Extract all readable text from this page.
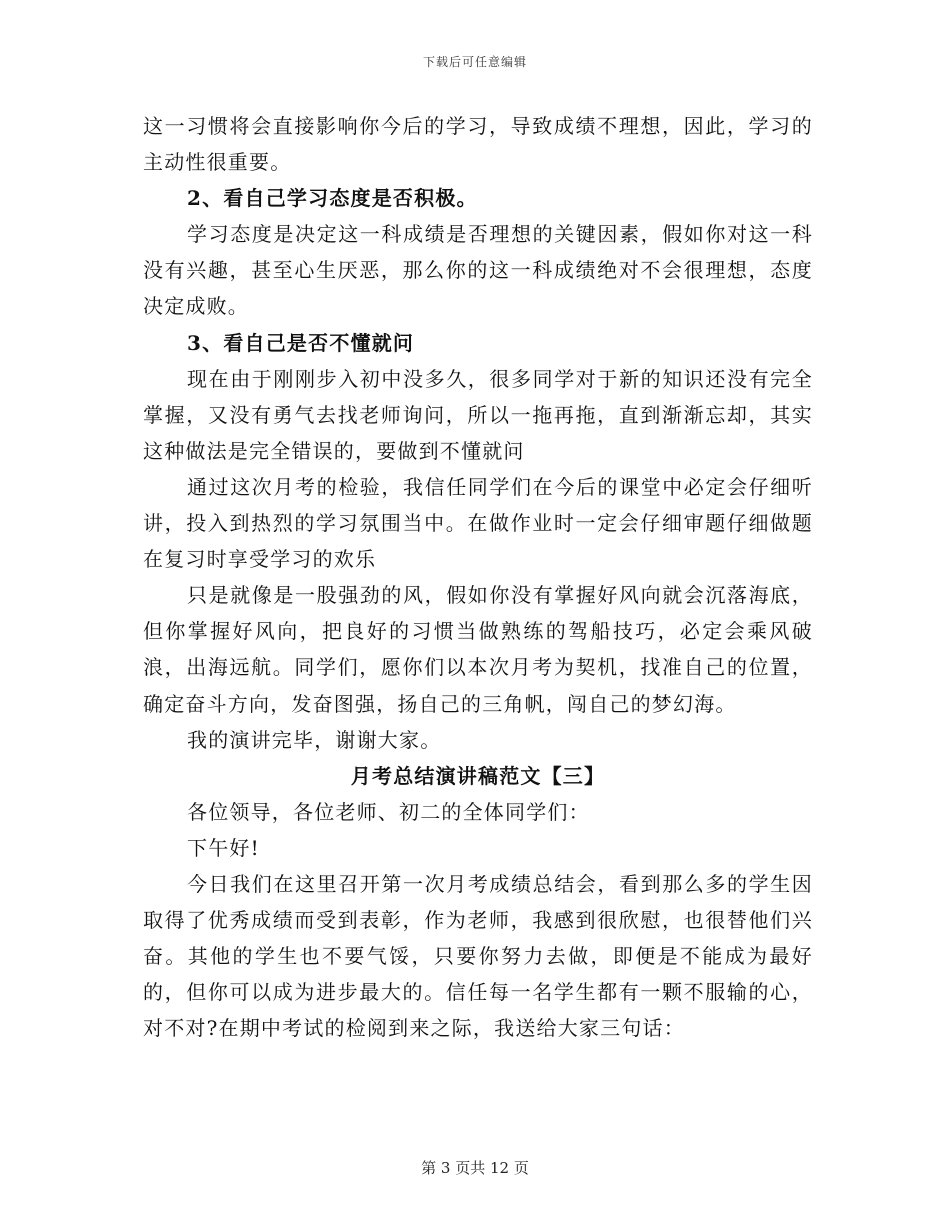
下载后可任意编辑

这一习惯将会直接影响你今后的学习，导致成绩不理想，因此，学习的主动性很重要。

2、看自己学习态度是否积极。

学习态度是决定这一科成绩是否理想的关键因素，假如你对这一科没有兴趣，甚至心生厌恶，那么你的这一科成绩绝对不会很理想，态度决定成败。

3、看自己是否不懂就问

现在由于刚刚步入初中没多久，很多同学对于新的知识还没有完全掌握，又没有勇气去找老师询问，所以一拖再拖，直到渐渐忘却，其实这种做法是完全错误的，要做到不懂就问

通过这次月考的检验，我信任同学们在今后的课堂中必定会仔细听讲，投入到热烈的学习氛围当中。在做作业时一定会仔细审题仔细做题在复习时享受学习的欢乐

只是就像是一股强劲的风，假如你没有掌握好风向就会沉落海底，但你掌握好风向，把良好的习惯当做熟练的驾船技巧，必定会乘风破浪，出海远航。同学们，愿你们以本次月考为契机，找准自己的位置，确定奋斗方向，发奋图强，扬自己的三角帆，闯自己的梦幻海。

我的演讲完毕，谢谢大家。

月考总结演讲稿范文【三】

各位领导，各位老师、初二的全体同学们：

下午好!

今日我们在这里召开第一次月考成绩总结会，看到那么多的学生因取得了优秀成绩而受到表彰，作为老师，我感到很欣慰，也很替他们兴奋。其他的学生也不要气馁，只要你努力去做，即便是不能成为最好的，但你可以成为进步最大的。信任每一名学生都有一颗不服输的心，对不对?在期中考试的检阅到来之际，我送给大家三句话：

第 3 页共 12 页
